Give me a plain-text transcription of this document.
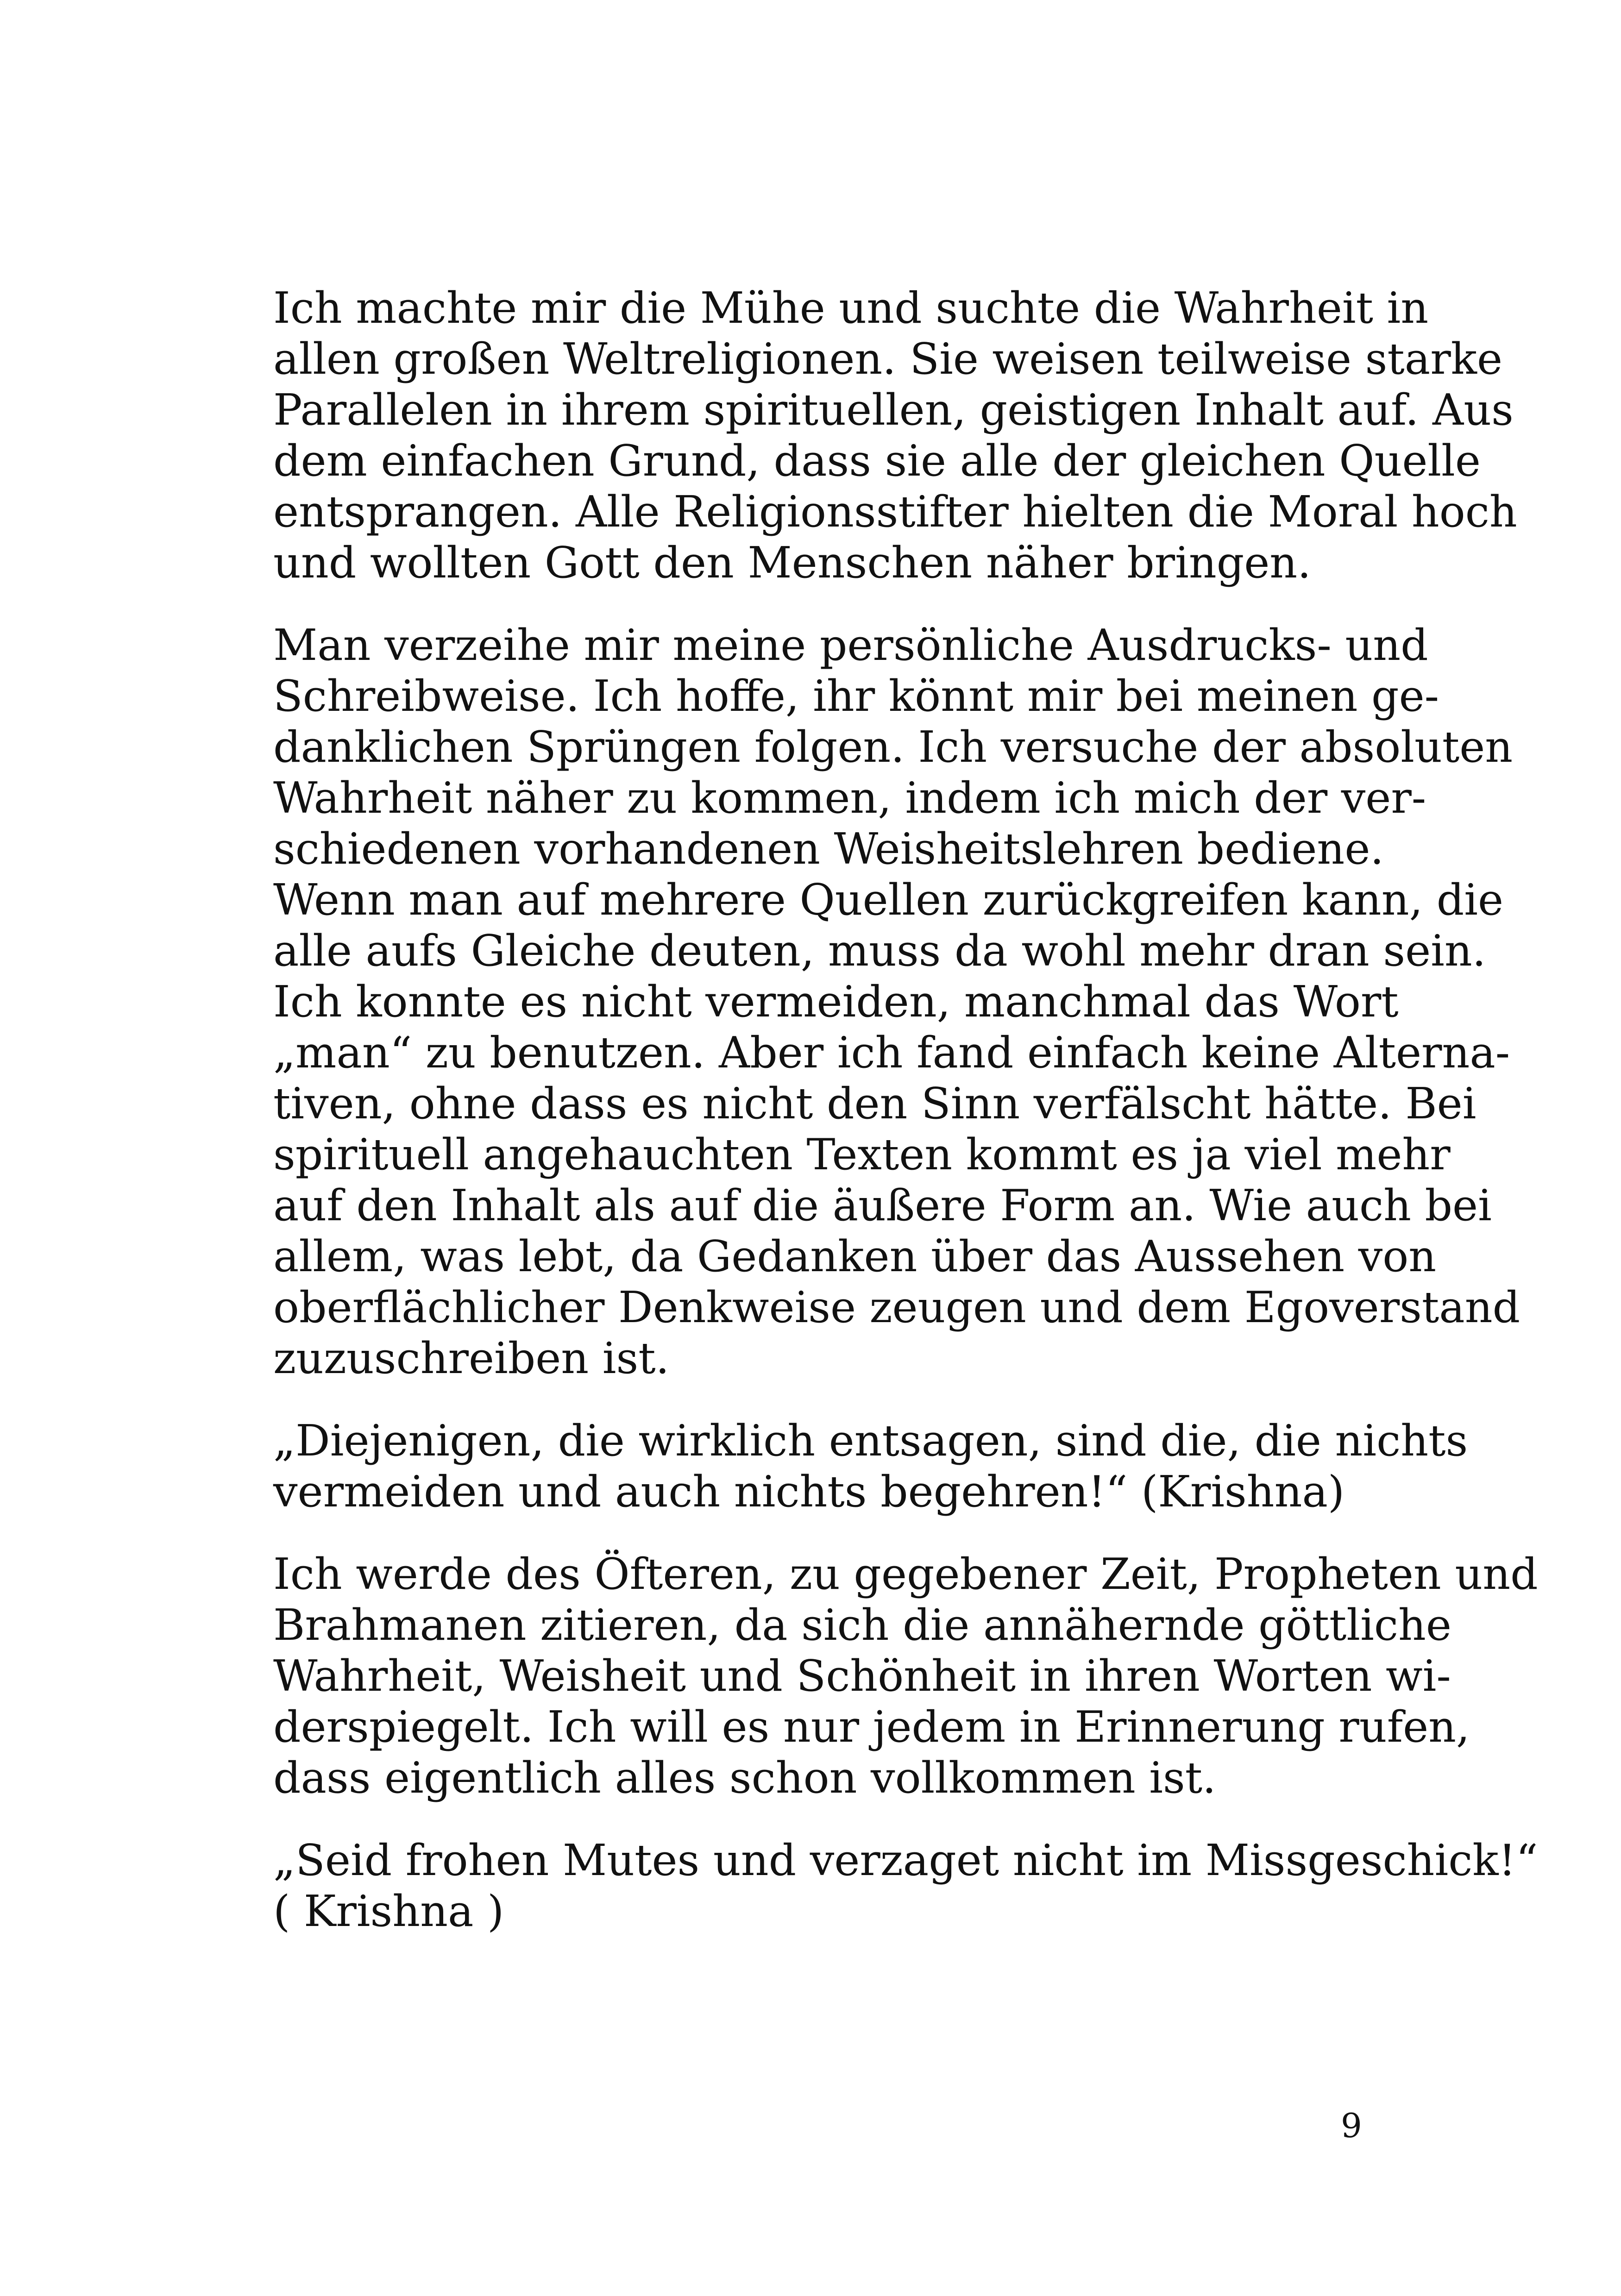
Ich machte mir die Mühe und suchte die Wahrheit in
allen großen Weltreligionen. Sie weisen teilweise starke
Parallelen in ihrem spirituellen, geistigen Inhalt auf. Aus
dem einfachen Grund, dass sie alle der gleichen Quelle
entsprangen. Alle Religionsstifter hielten die Moral hoch
und wollten Gott den Menschen näher bringen.

Man verzeihe mir meine persönliche Ausdrucks- und
Schreibweise. Ich hoffe, ihr könnt mir bei meinen ge-
danklichen Sprüngen folgen. Ich versuche der absoluten
Wahrheit näher zu kommen, indem ich mich der ver-
schiedenen vorhandenen Weisheitslehren bediene.
Wenn man auf mehrere Quellen zurückgreifen kann, die
alle aufs Gleiche deuten, muss da wohl mehr dran sein.
Ich konnte es nicht vermeiden, manchmal das Wort
„man“ zu benutzen. Aber ich fand einfach keine Alterna-
tiven, ohne dass es nicht den Sinn verfälscht hätte. Bei
spirituell angehauchten Texten kommt es ja viel mehr
auf den Inhalt als auf die äußere Form an. Wie auch bei
allem, was lebt, da Gedanken über das Aussehen von
oberflächlicher Denkweise zeugen und dem Egoverstand
zuzuschreiben ist.

„Diejenigen, die wirklich entsagen, sind die, die nichts
vermeiden und auch nichts begehren!“ (Krishna)

Ich werde des Öfteren, zu gegebener Zeit, Propheten und
Brahmanen zitieren, da sich die annähernde göttliche
Wahrheit, Weisheit und Schönheit in ihren Worten wi-
derspiegelt. Ich will es nur jedem in Erinnerung rufen,
dass eigentlich alles schon vollkommen ist.

„Seid frohen Mutes und verzaget nicht im Missgeschick!“
( Krishna )

9
